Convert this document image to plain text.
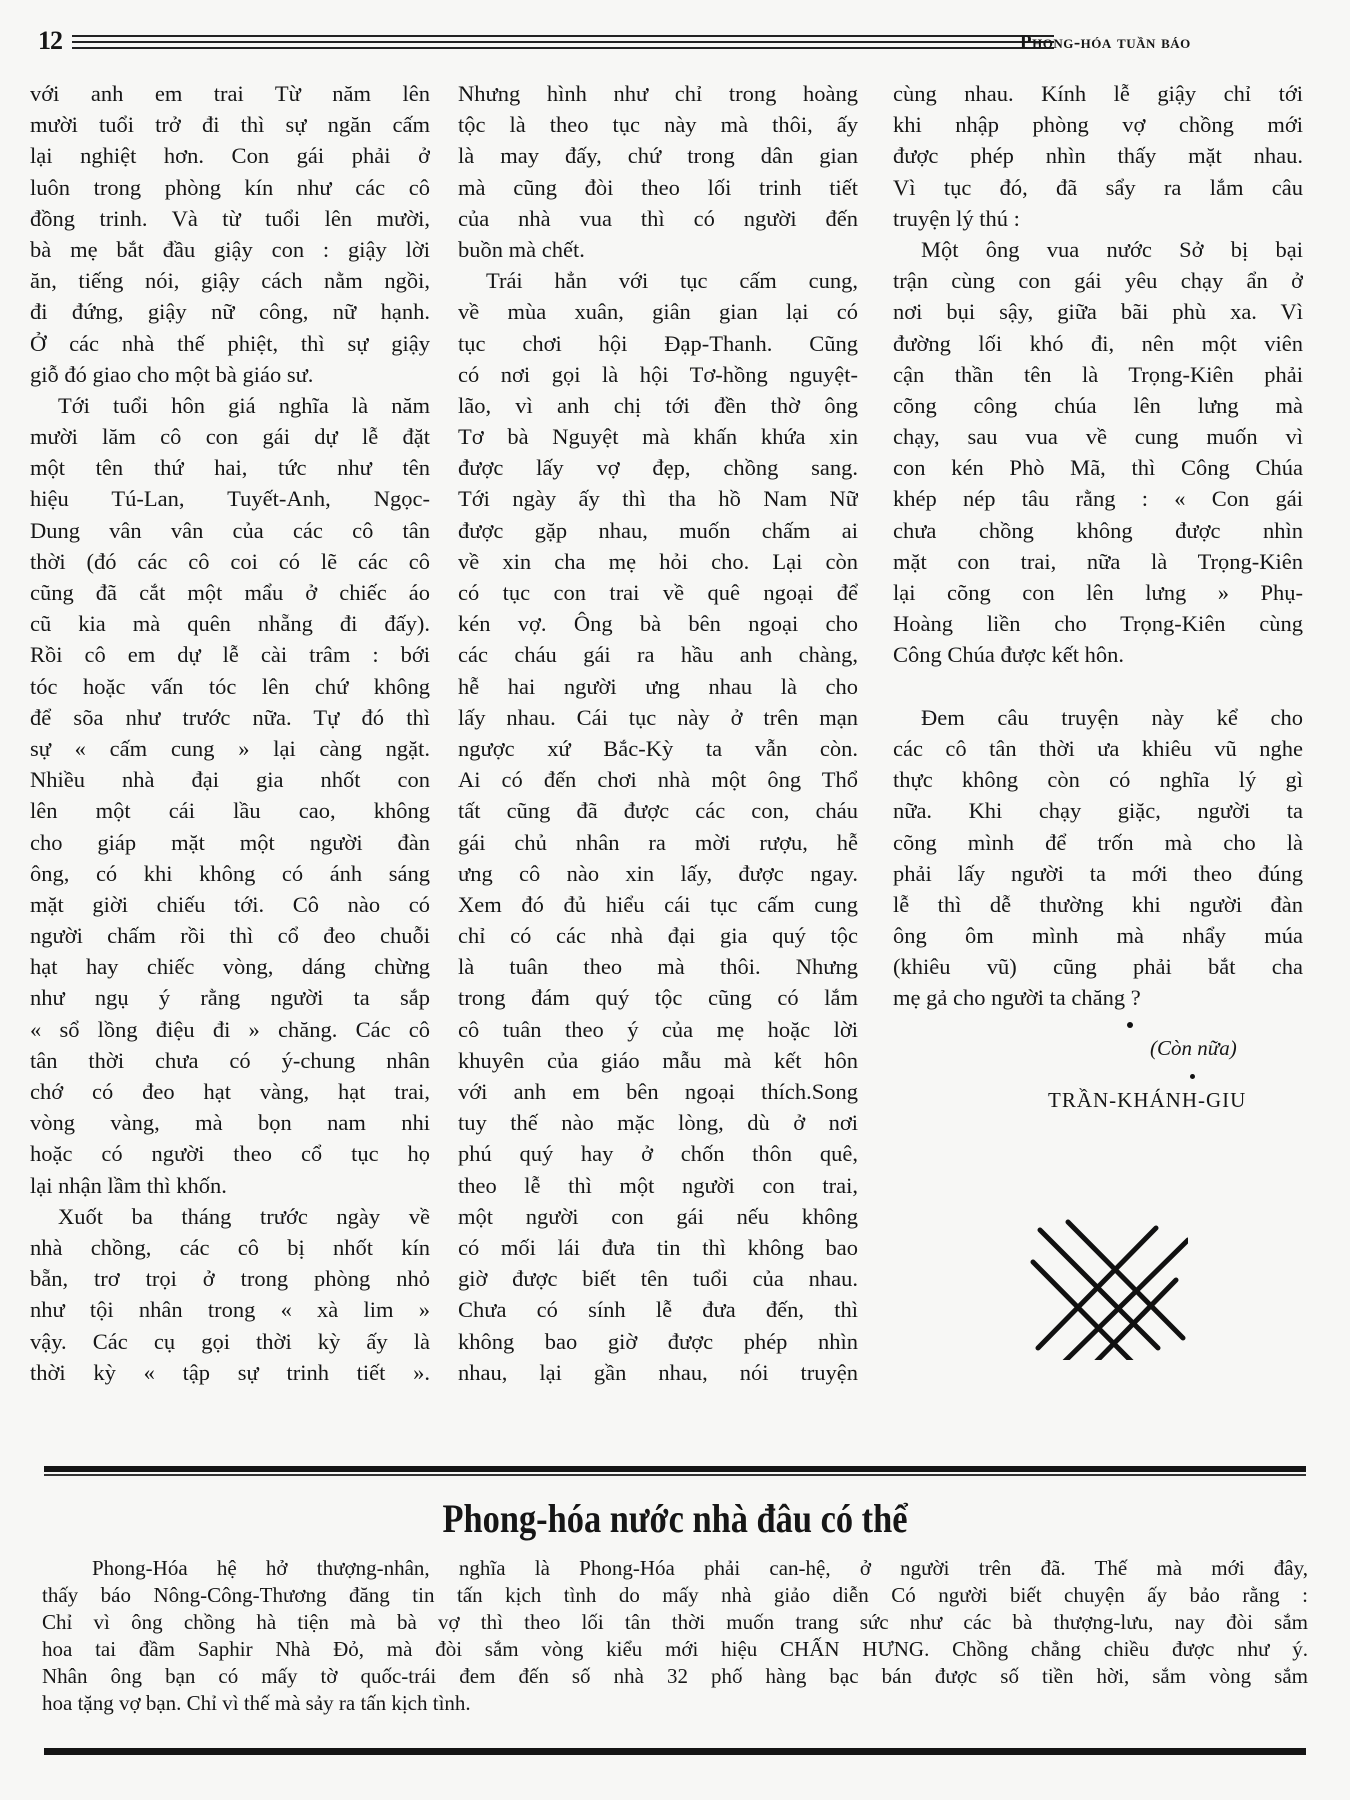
12	Phong-hóa tuần báo
với anh em trai Từ năm lên
mười tuổi trở đi thì sự ngăn cấm
lại nghiệt hơn. Con gái phải ở
luôn trong phòng kín như các cô
đồng trinh. Và từ tuổi lên mười,
bà mẹ bắt đầu giậy con : giậy lời
ăn, tiếng nói, giậy cách nằm ngồi,
đi đứng, giậy nữ công, nữ hạnh.
Ở các nhà thế phiệt, thì sự giậy
giỗ đó giao cho một bà giáo sư.
Tới tuổi hôn giá nghĩa là năm
mười lăm cô con gái dự lễ đặt
một tên thứ hai, tức như tên
hiệu Tú-Lan, Tuyết-Anh, Ngọc-
Dung vân vân của các cô tân
thời (đó các cô coi có lẽ các cô
cũng đã cắt một mẩu ở chiếc áo
cũ kia mà quên nhẵng đi đấy).
Rồi cô em dự lễ cài trâm : bới
tóc hoặc vấn tóc lên chứ không
để sõa như trước nữa. Tự đó thì
sự « cấm cung » lại càng ngặt.
Nhiều nhà đại gia nhốt con
lên một cái lầu cao, không
cho giáp mặt một người đàn
ông, có khi không có ánh sáng
mặt giời chiếu tới. Cô nào có
người chấm rồi thì cổ đeo chuỗi
hạt hay chiếc vòng, dáng chừng
như ngụ ý rằng người ta sắp
« sổ lồng điệu đi » chăng. Các cô
tân thời chưa có ý-chung nhân
chớ có đeo hạt vàng, hạt trai,
vòng vàng, mà bọn nam nhi
hoặc có người theo cổ tục họ
lại nhận lầm thì khốn.
Xuốt ba tháng trước ngày về
nhà chồng, các cô bị nhốt kín
bẵn, trơ trọi ở trong phòng nhỏ
như tội nhân trong « xà lim »
vậy. Các cụ gọi thời kỳ ấy là
thời kỳ « tập sự trinh tiết ».
Nhưng hình như chỉ trong hoàng
tộc là theo tục này mà thôi, ấy
là may đấy, chứ trong dân gian
mà cũng đòi theo lối trinh tiết
của nhà vua thì có người đến
buồn mà chết.
Trái hẳn với tục cấm cung,
về mùa xuân, giân gian lại có
tục chơi hội Đạp-Thanh. Cũng
có nơi gọi là hội Tơ-hồng nguyệt-
lão, vì anh chị tới đền thờ ông
Tơ bà Nguyệt mà khấn khứa xin
được lấy vợ đẹp, chồng sang.
Tới ngày ấy thì tha hồ Nam Nữ
được gặp nhau, muốn chấm ai
về xin cha mẹ hỏi cho. Lại còn
có tục con trai về quê ngoại để
kén vợ. Ông bà bên ngoại cho
các cháu gái ra hầu anh chàng,
hễ hai người ưng nhau là cho
lấy nhau. Cái tục này ở trên mạn
ngược xứ Bắc-Kỳ ta vẫn còn.
Ai có đến chơi nhà một ông Thổ
tất cũng đã được các con, cháu
gái chủ nhân ra mời rượu, hễ
ưng cô nào xin lấy, được ngay.
Xem đó đủ hiểu cái tục cấm cung
chỉ có các nhà đại gia quý tộc
là tuân theo mà thôi. Nhưng
trong đám quý tộc cũng có lắm
cô tuân theo ý của mẹ hoặc lời
khuyên của giáo mẫu mà kết hôn
với anh em bên ngoại thích.Song
tuy thế nào mặc lòng, dù ở nơi
phú quý hay ở chốn thôn quê,
theo lễ thì một người con trai,
một người con gái nếu không
có mối lái đưa tin thì không bao
giờ được biết tên tuổi của nhau.
Chưa có sính lễ đưa đến, thì
không bao giờ được phép nhìn
nhau, lại gần nhau, nói truyện
cùng nhau. Kính lễ giậy chỉ tới
khi nhập phòng vợ chồng mới
được phép nhìn thấy mặt nhau.
Vì tục đó, đã sẩy ra lắm câu
truyện lý thú :
Một ông vua nước Sở bị bại
trận cùng con gái yêu chạy ẩn ở
nơi bụi sậy, giữa bãi phù xa. Vì
đường lối khó đi, nên một viên
cận thần tên là Trọng-Kiên phải
cõng công chúa lên lưng mà
chạy, sau vua về cung muốn vì
con kén Phò Mã, thì Công Chúa
khép nép tâu rằng : « Con gái
chưa chồng không được nhìn
mặt con trai, nữa là Trọng-Kiên
lại cõng con lên lưng » Phụ-
Hoàng liền cho Trọng-Kiên cùng
Công Chúa được kết hôn.
Đem câu truyện này kể cho
các cô tân thời ưa khiêu vũ nghe
thực không còn có nghĩa lý gì
nữa. Khi chạy giặc, người ta
cõng mình để trốn mà cho là
phải lấy người ta mới theo đúng
lễ thì dễ thường khi người đàn
ông ôm mình mà nhẩy múa
(khiêu vũ) cũng phải bắt cha
mẹ gả cho người ta chăng ?
(Còn nữa)
TRẦN-KHÁNH-GIU
Phong-hóa nước nhà đâu có thể
Phong-Hóa hệ hở thượng-nhân, nghĩa là Phong-Hóa phải can-hệ, ở người trên đã. Thế mà mới đây,
thấy báo Nông-Công-Thương đăng tin tấn kịch tình do mấy nhà giảo diễn Có người biết chuyện ấy bảo rằng :
Chỉ vì ông chồng hà tiện mà bà vợ thì theo lối tân thời muốn trang sức như các bà thượng-lưu, nay đòi sắm
hoa tai đầm Saphir Nhà Đỏ, mà đòi sắm vòng kiểu mới hiệu CHẤN HƯNG. Chồng chẳng chiều được như ý.
Nhân ông bạn có mấy tờ quốc-trái đem đến số nhà 32 phố hàng bạc bán được số tiền hời, sắm vòng sắm
hoa tặng vợ bạn. Chỉ vì thế mà sảy ra tấn kịch tình.
